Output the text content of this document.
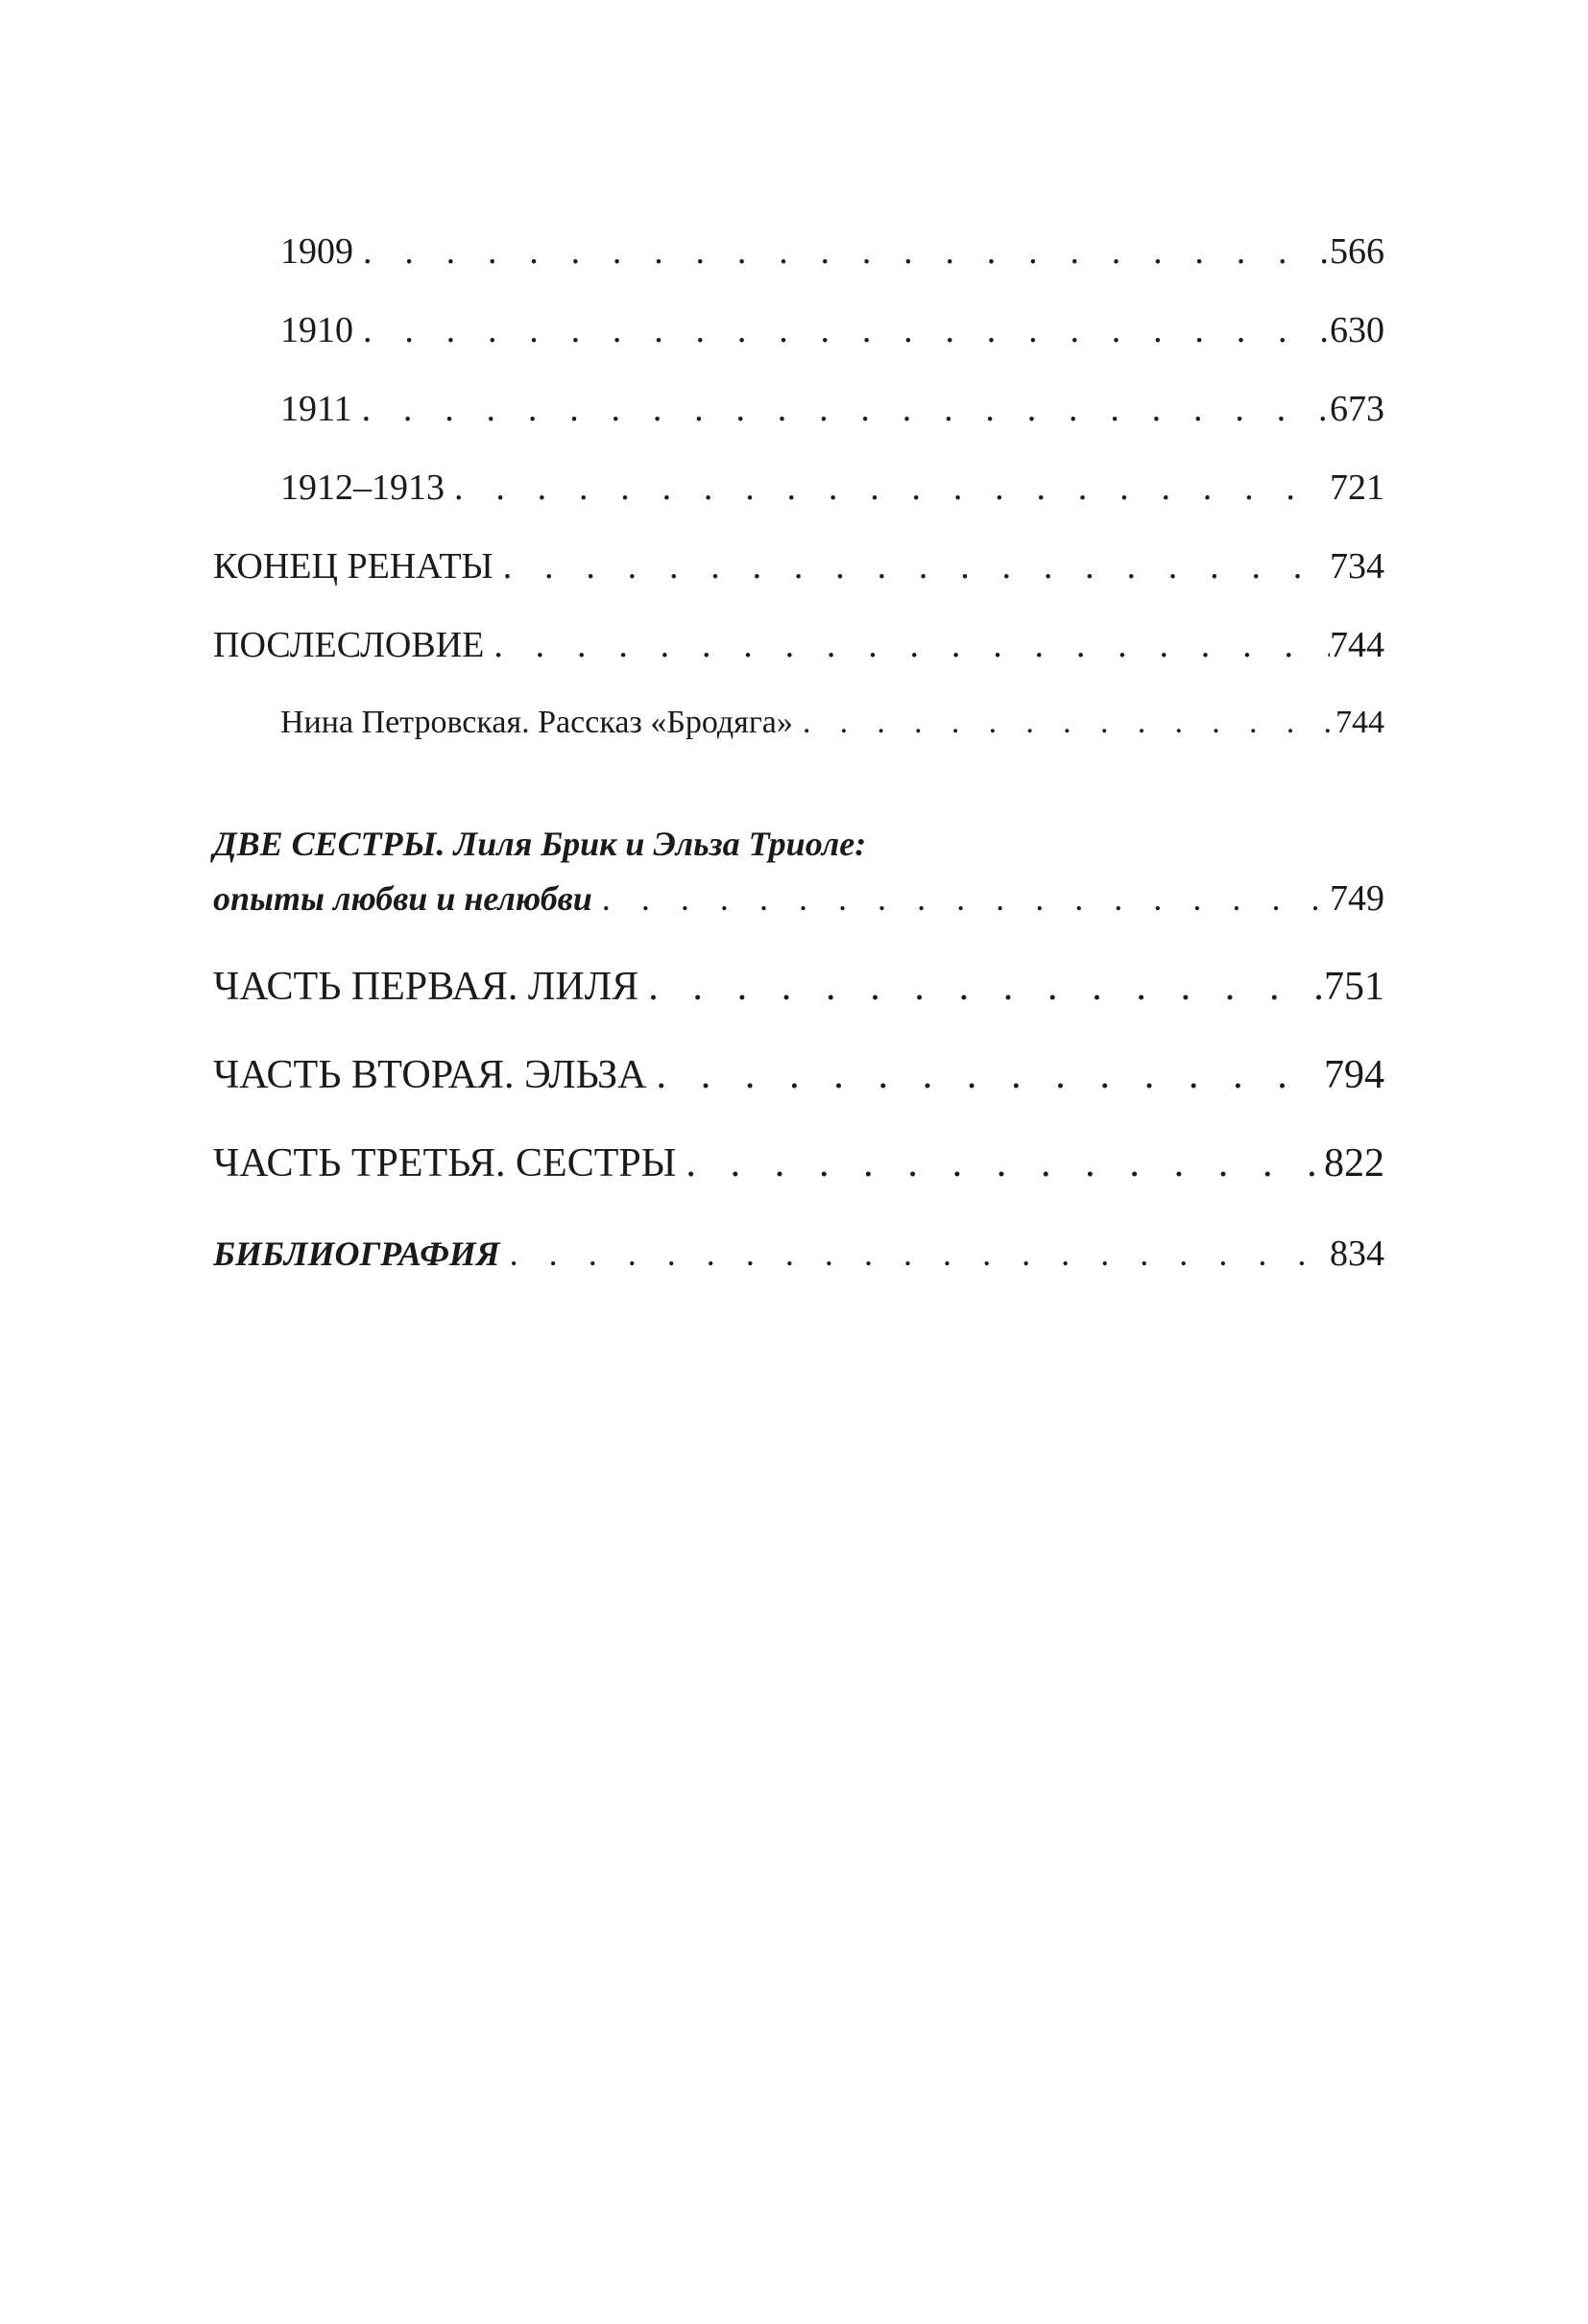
1909 . . .	566
1910 . . .	630
1911 . . .	673
1912–1913 . . .	721
КОНЕЦ РЕНАТЫ . . .	734
ПОСЛЕСЛОВИЕ . . .	744
Нина Петровская. Рассказ «Бродяга» . . .	744
ДВЕ СЕСТРЫ. Лиля Брик и Эльза Триоле:
опыты любви и нелюбви . . .	749
ЧАСТЬ ПЕРВАЯ. ЛИЛЯ . . .	751
ЧАСТЬ ВТОРАЯ. ЭЛЬЗА . . .	794
ЧАСТЬ ТРЕТЬЯ. СЕСТРЫ . . .	822
БИБЛИОГРАФИЯ . . .	834
